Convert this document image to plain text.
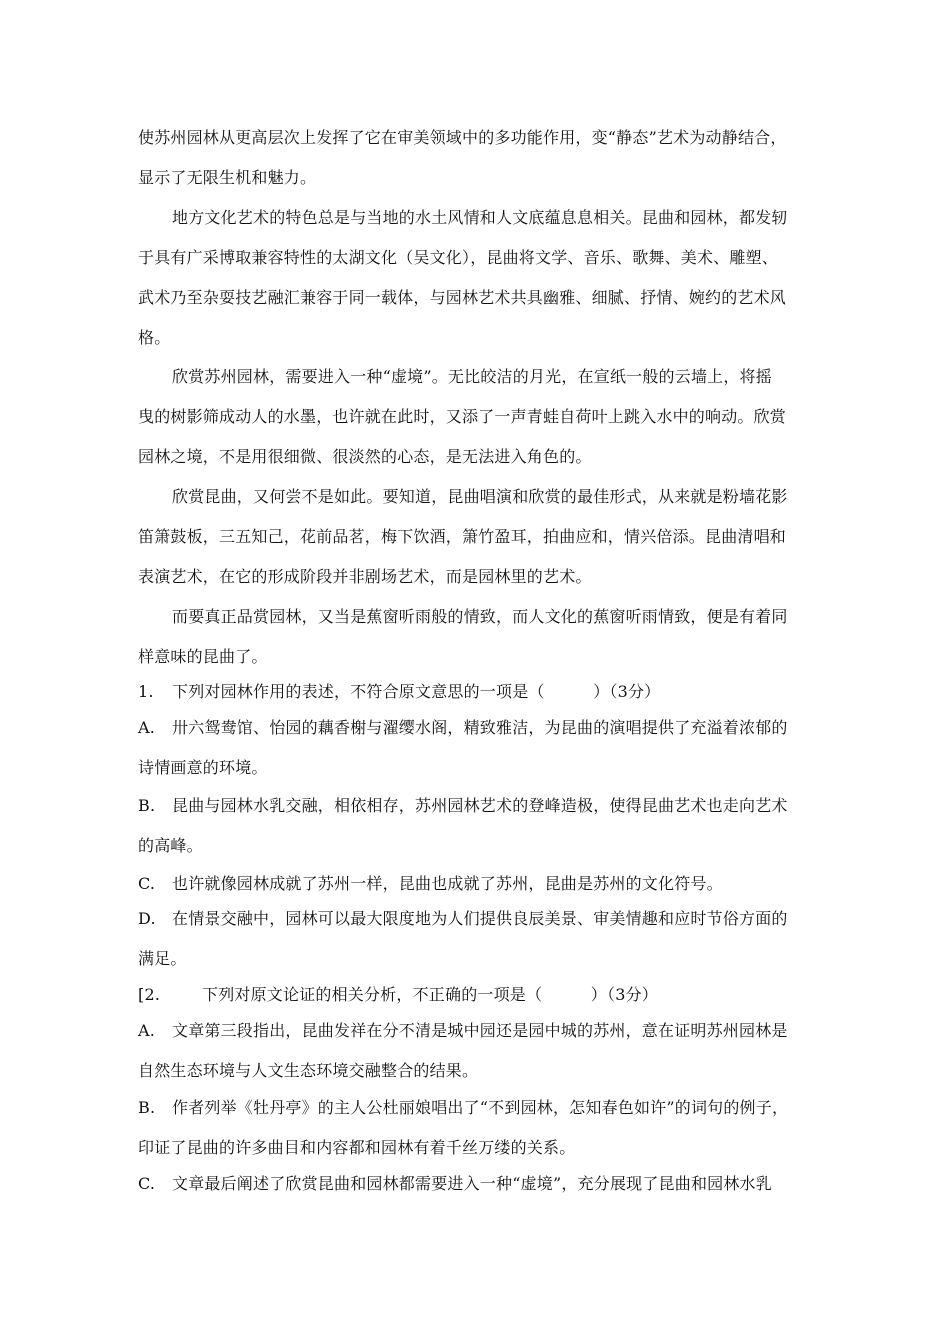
使苏州园林从更高层次上发挥了它在审美领域中的多功能作用，变“静态”艺术为动静结合，
显示了无限生机和魅力。
地方文化艺术的特色总是与当地的水土风情和人文底蕴息息相关。昆曲和园林，都发轫
于具有广采博取兼容特性的太湖文化（吴文化），昆曲将文学、音乐、歌舞、美术、雕塑、
武术乃至杂耍技艺融汇兼容于同一载体，与园林艺术共具幽雅、细腻、抒情、婉约的艺术风
格。
欣赏苏州园林，需要进入一种“虚境”。无比皎洁的月光，在宣纸一般的云墙上，将摇
曳的树影筛成动人的水墨，也许就在此时，又添了一声青蛙自荷叶上跳入水中的响动。欣赏
园林之境，不是用很细微、很淡然的心态，是无法进入角色的。
欣赏昆曲，又何尝不是如此。要知道，昆曲唱演和欣赏的最佳形式，从来就是粉墙花影
笛箫鼓板，三五知己，花前品茗，梅下饮酒，箫竹盈耳，拍曲应和，情兴倍添。昆曲清唱和
表演艺术，在它的形成阶段并非剧场艺术，而是园林里的艺术。
而要真正品赏园林，又当是蕉窗听雨般的情致，而人文化的蕉窗听雨情致，便是有着同
样意味的昆曲了。
1. 下列对园林作用的表述，不符合原文意思的一项是（　　　）（3分）
A. 卅六鸳鸯馆、怡园的藕香榭与濯缨水阁，精致雅洁，为昆曲的演唱提供了充溢着浓郁的
诗情画意的环境。
B. 昆曲与园林水乳交融，相依相存，苏州园林艺术的登峰造极，使得昆曲艺术也走向艺术
的高峰。
C. 也许就像园林成就了苏州一样，昆曲也成就了苏州，昆曲是苏州的文化符号。
D. 在情景交融中，园林可以最大限度地为人们提供良辰美景、审美情趣和应时节俗方面的
满足。
[2.	下列对原文论证的相关分析，不正确的一项是（　　　）（3分）
A. 文章第三段指出，昆曲发祥在分不清是城中园还是园中城的苏州，意在证明苏州园林是
自然生态环境与人文生态环境交融整合的结果。
B. 作者列举《牡丹亭》的主人公杜丽娘唱出了“不到园林，怎知春色如许”的词句的例子，
印证了昆曲的许多曲目和内容都和园林有着千丝万缕的关系。
C. 文章最后阐述了欣赏昆曲和园林都需要进入一种“虚境”，充分展现了昆曲和园林水乳
